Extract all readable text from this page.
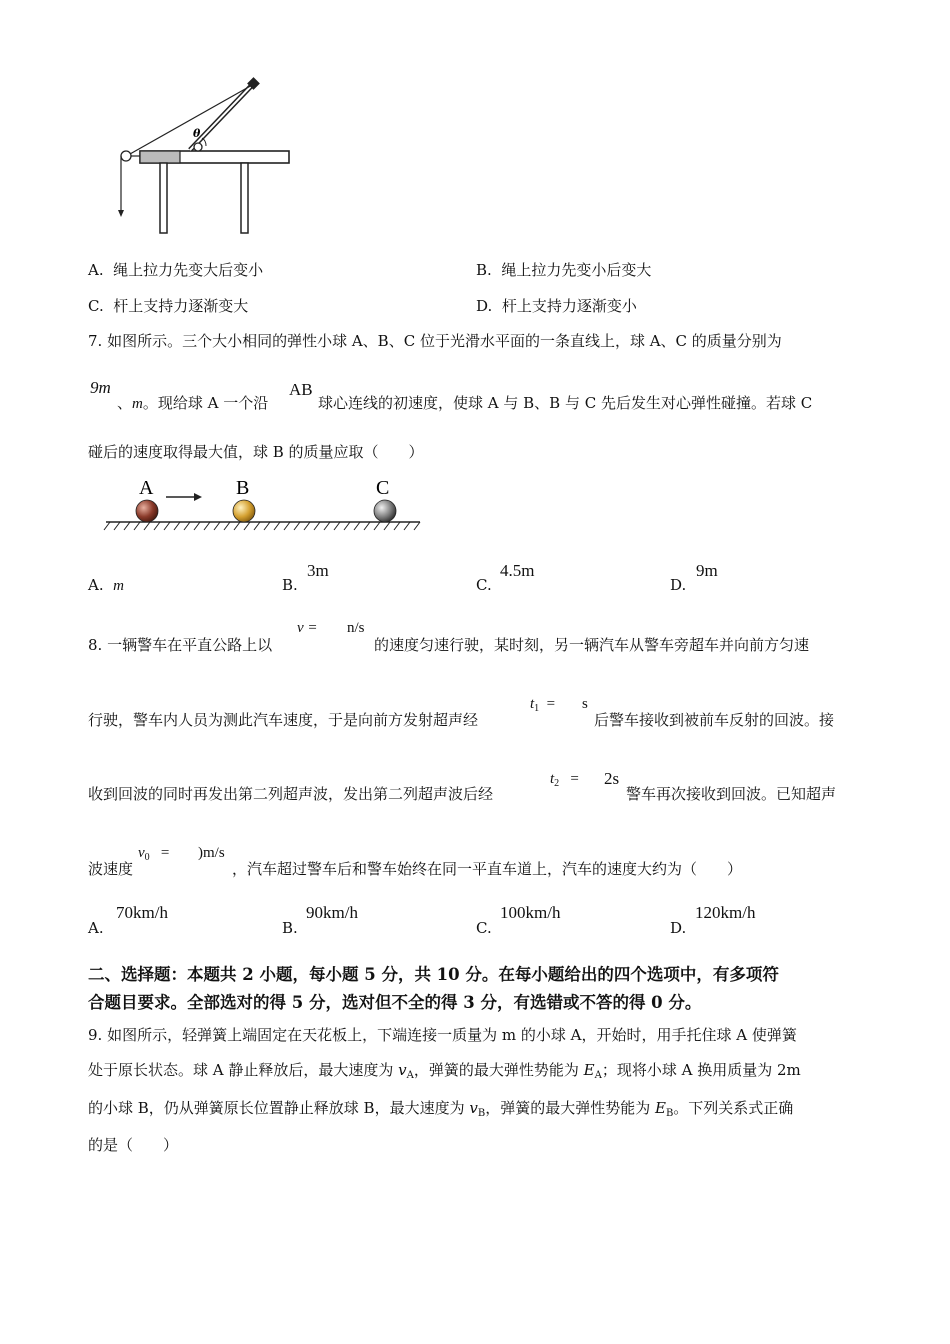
θ
A. 绳上拉力先变大后变小	B. 绳上拉力先变小后变大
C. 杆上支持力逐渐变大	D. 杆上支持力逐渐变小
7. 如图所示。三个大小相同的弹性小球 A、B、C 位于光滑水平面的一条直线上，球 A、C 的质量分别为
9m
、m。现给球 A 一个沿
AB
球心连线的初速度，使球 A 与 B、B 与 C 先后发生对心弹性碰撞。若球 C
碰后的速度取得最大值，球 B 的质量应取（　　）
A	B	C
A. m	B.
3m
C.
4.5m
D.
9m
8. 一辆警车在平直公路上以
v = n/s
的速度匀速行驶，某时刻，另一辆汽车从警车旁超车并向前方匀速
行驶，警车内人员为测此汽车速度，于是向前方发射超声经
$t_1 = s$
后警车接收到被前车反射的回波。接
收到回波的同时再发出第二列超声波，发出第二列超声波后经
$t_2 = 2s$
警车再次接收到回波。已知超声
波速度
$v_0 = )m/s$
，汽车超过警车后和警车始终在同一平直车道上，汽车的速度大约为（　　）
A.
70km/h
B.
90km/h
C.
100km/h
D.
120km/h
二、选择题：本题共 2 小题，每小题 5 分，共 10 分。在每小题给出的四个选项中，有多项符
合题目要求。全部选对的得 5 分，选对但不全的得 3 分，有选错或不答的得 0 分。
9. 如图所示，轻弹簧上端固定在天花板上，下端连接一质量为 m 的小球 A，开始时，用手托住球 A 使弹簧
处于原长状态。球 A 静止释放后，最大速度为 $v_A$，弹簧的最大弹性势能为 $E_A$；现将小球 A 换用质量为 2m
的小球 B，仍从弹簧原长位置静止释放球 B，最大速度为 $v_B$，弹簧的最大弹性势能为 $E_B$。下列关系式正确
的是（　　）
